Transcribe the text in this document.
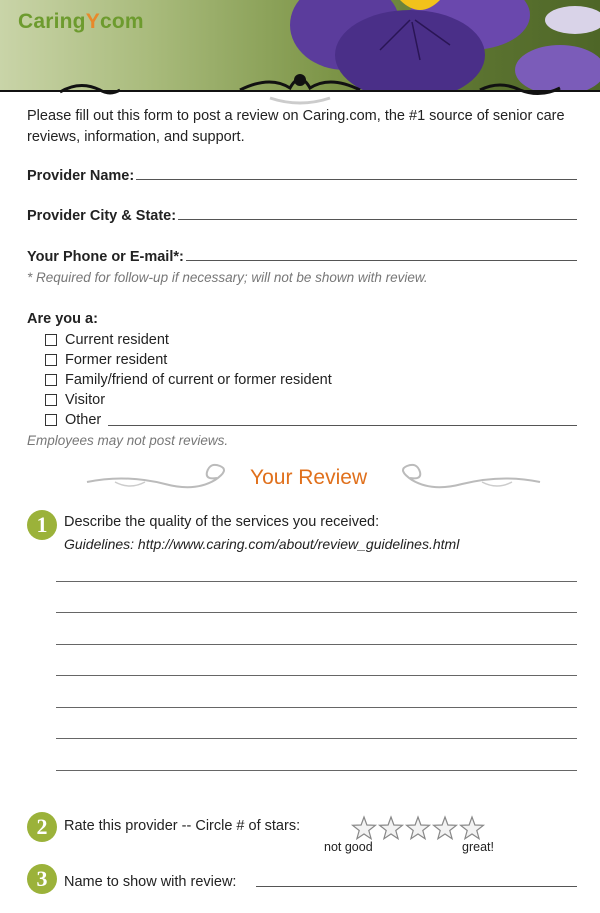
CaringYcom
Please fill out this form to post a review on Caring.com, the #1 source of senior care reviews, information, and support.
Provider Name:
Provider City & State:
Your Phone or E-mail*:
* Required for follow-up if necessary; will not be shown with review.
Are you a:
Current resident
Former resident
Family/friend of current or former resident
Visitor
Other
Employees may not post reviews.
Your Review
1	Describe the quality of the services you received:
Guidelines: http://www.caring.com/about/review_guidelines.html
2	Rate this provider -- Circle # of stars:
not good	great!
3	Name to show with review:
